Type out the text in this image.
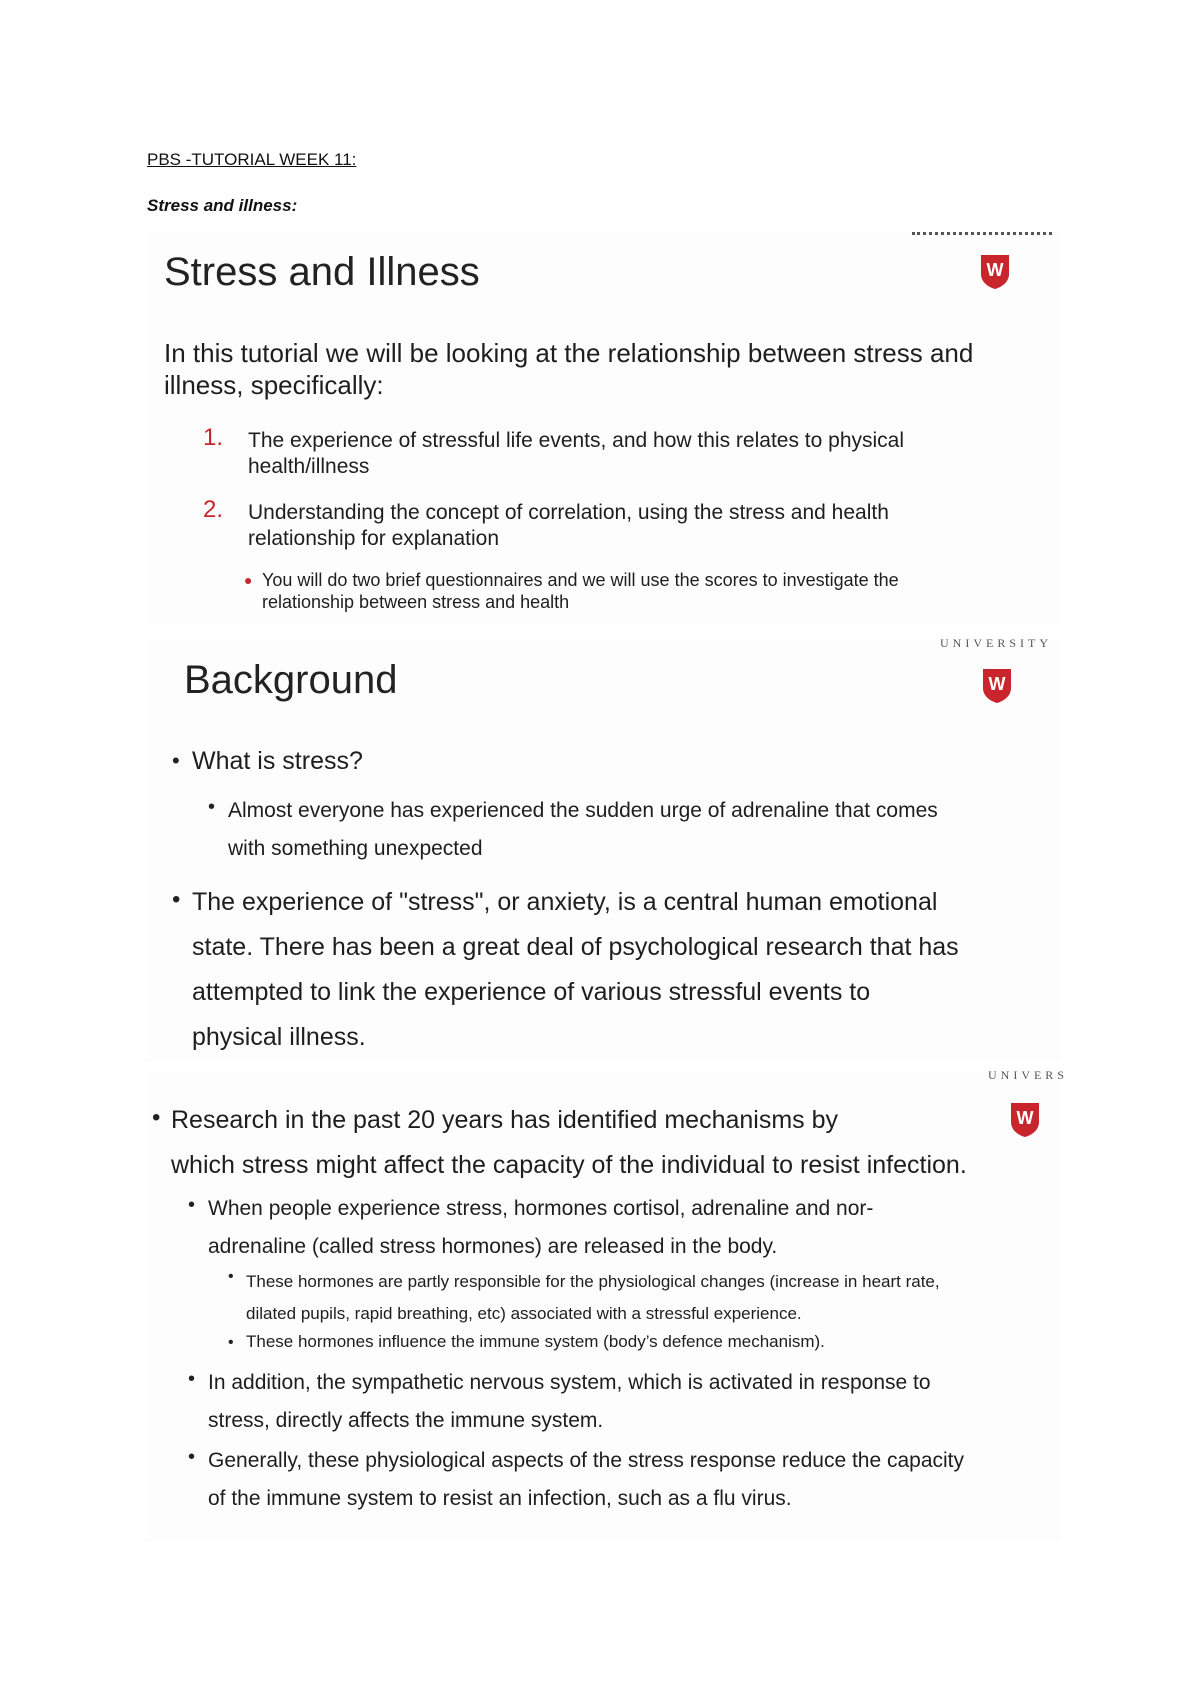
PBS -TUTORIAL WEEK 11:
Stress and illness:
Stress and Illness	W
In this tutorial we will be looking at the relationship between stress and illness, specifically:
1. The experience of stressful life events, and how this relates to physical
health/illness
2. Understanding the concept of correlation, using the stress and health
relationship for explanation
● You will do two brief questionnaires and we will use the scores to investigate the
relationship between stress and health
UNIVERSITY
Background	W
• What is stress?
• Almost everyone has experienced the sudden urge of adrenaline that comes
with something unexpected
• The experience of "stress", or anxiety, is a central human emotional
state. There has been a great deal of psychological research that has
attempted to link the experience of various stressful events to
physical illness.
UNIVERS
W
• Research in the past 20 years has identified mechanisms by
which stress might affect the capacity of the individual to resist infection.
• When people experience stress, hormones cortisol, adrenaline and nor-
adrenaline (called stress hormones) are released in the body.
• These hormones are partly responsible for the physiological changes (increase in heart rate,
dilated pupils, rapid breathing, etc) associated with a stressful experience.
• These hormones influence the immune system (body’s defence mechanism).
• In addition, the sympathetic nervous system, which is activated in response to
stress, directly affects the immune system.
• Generally, these physiological aspects of the stress response reduce the capacity
of the immune system to resist an infection, such as a flu virus.
